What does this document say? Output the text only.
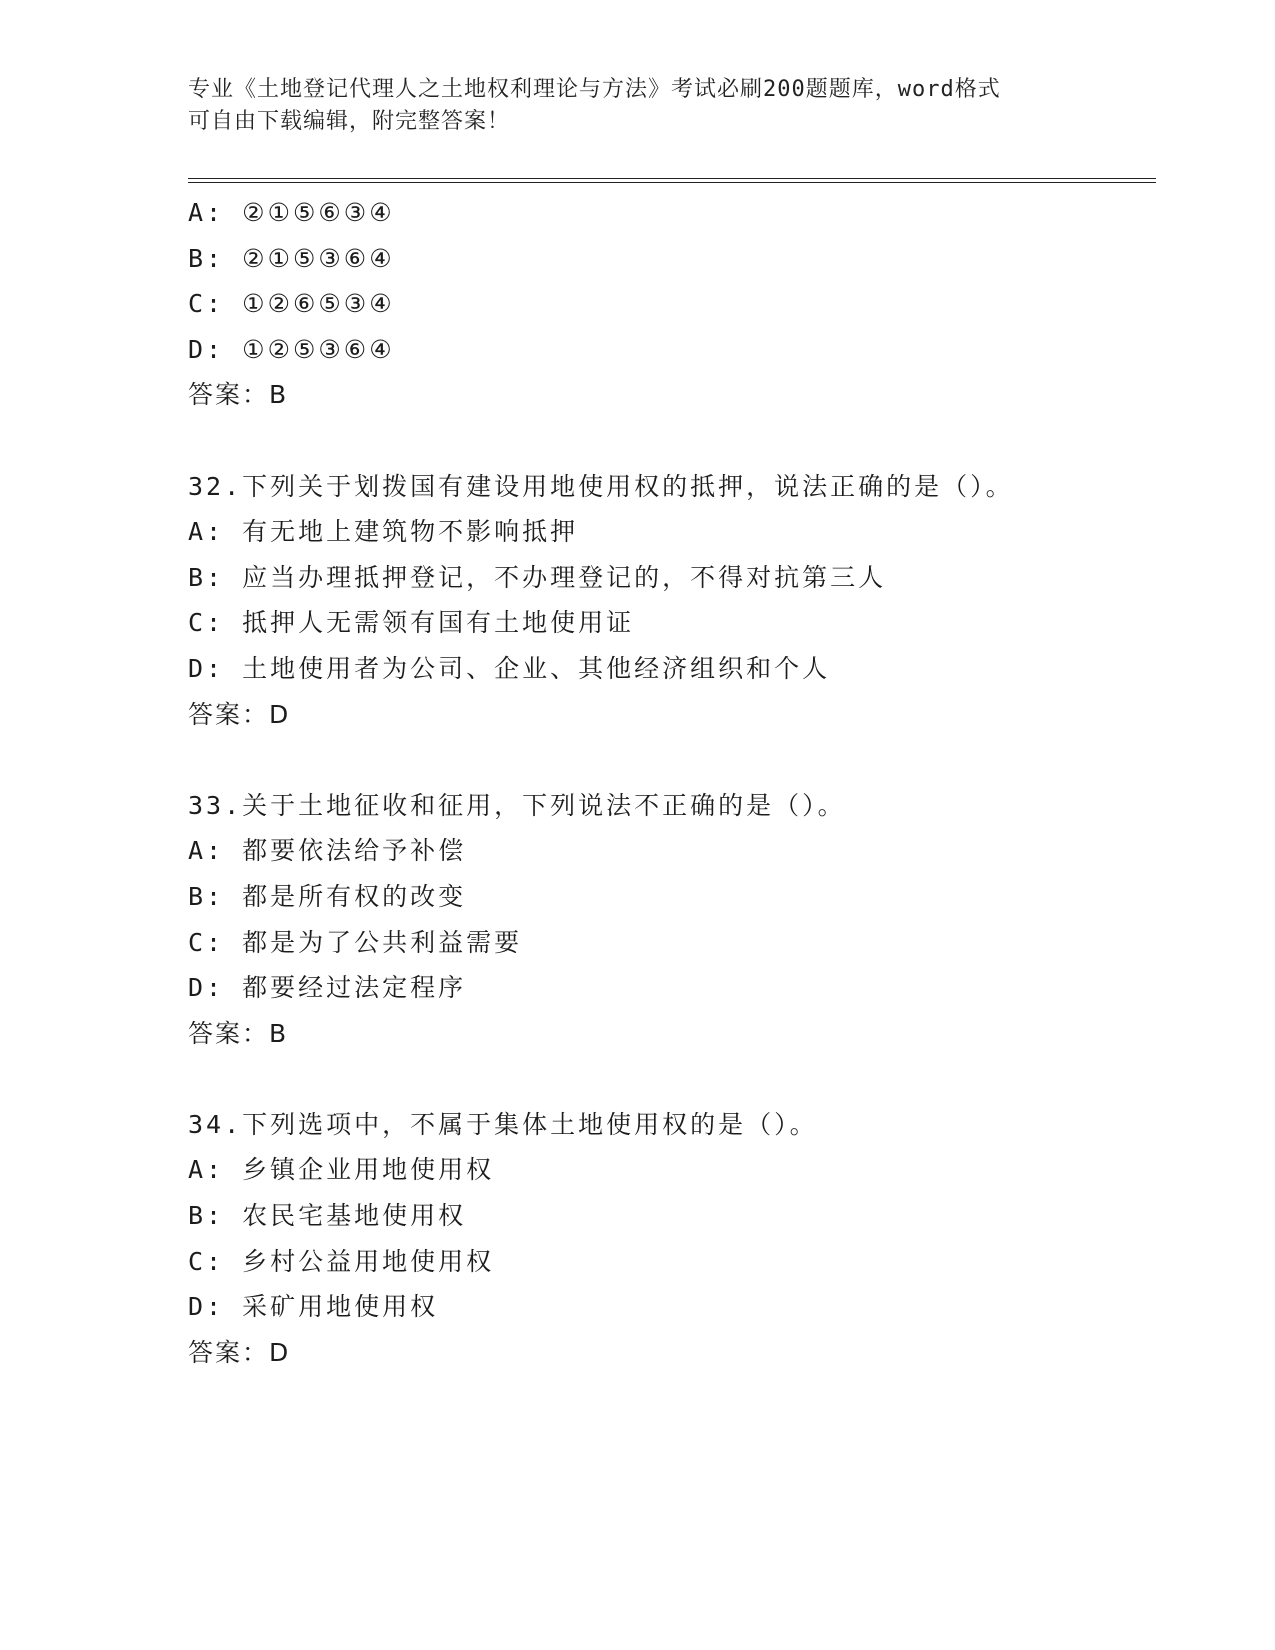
专业《土地登记代理人之土地权利理论与方法》考试必刷200题题库，word格式
可自由下载编辑，附完整答案！
A: ②①⑤⑥③④
B: ②①⑤③⑥④
C: ①②⑥⑤③④
D: ①②⑤③⑥④
答案：B
32.下列关于划拨国有建设用地使用权的抵押，说法正确的是（）。
A: 有无地上建筑物不影响抵押
B: 应当办理抵押登记，不办理登记的，不得对抗第三人
C: 抵押人无需领有国有土地使用证
D: 土地使用者为公司、企业、其他经济组织和个人
答案：D
33.关于土地征收和征用，下列说法不正确的是（）。
A: 都要依法给予补偿
B: 都是所有权的改变
C: 都是为了公共利益需要
D: 都要经过法定程序
答案：B
34.下列选项中，不属于集体土地使用权的是（）。
A: 乡镇企业用地使用权
B: 农民宅基地使用权
C: 乡村公益用地使用权
D: 采矿用地使用权
答案：D
